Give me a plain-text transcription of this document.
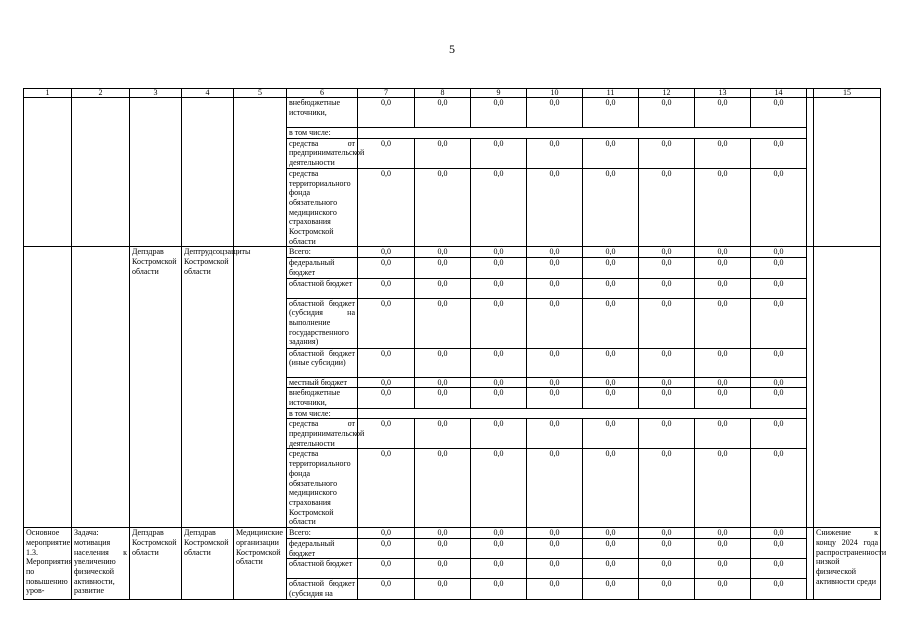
5
1	2	3	4	5	6	7	8	9	10	11	12	13	14		15
					внебюджетные источники,	0,0	0,0	0,0	0,0	0,0	0,0	0,0	0,0		
					в том числе:										
					средства от предпринимательской деятельности	0,0	0,0	0,0	0,0	0,0	0,0	0,0	0,0		
					средства территориального фонда обязательного медицинского страхования Костромской области	0,0	0,0	0,0	0,0	0,0	0,0	0,0	0,0		
		Депздрав Костромской области	Дептрудсоцзащиты Костромской области		Всего:	0,0	0,0	0,0	0,0	0,0	0,0	0,0	0,0		
					федеральный бюджет	0,0	0,0	0,0	0,0	0,0	0,0	0,0	0,0		
					областной бюджет	0,0	0,0	0,0	0,0	0,0	0,0	0,0	0,0		
					областной бюджет (субсидия на выполнение государственного задания)	0,0	0,0	0,0	0,0	0,0	0,0	0,0	0,0		
					областной бюджет (иные субсидии)	0,0	0,0	0,0	0,0	0,0	0,0	0,0	0,0		
					местный бюджет	0,0	0,0	0,0	0,0	0,0	0,0	0,0	0,0		
					внебюджетные источники,	0,0	0,0	0,0	0,0	0,0	0,0	0,0	0,0		
					в том числе:										
					средства от предпринимательской деятельности	0,0	0,0	0,0	0,0	0,0	0,0	0,0	0,0		
					средства территориального фонда обязательного медицинского страхования Костромской области	0,0	0,0	0,0	0,0	0,0	0,0	0,0	0,0		
Основное мероприятие 1.3. Мероприятия по повышению уров-	Задача: мотивация населения к увеличению физической активности, развитие	Депздрав Костромской области	Депздрав Костромской области	Медицинские организации Костромской области	Всего:	0,0	0,0	0,0	0,0	0,0	0,0	0,0	0,0		Снижение к концу 2024 года распространенности низкой физической активности среди
					федеральный бюджет	0,0	0,0	0,0	0,0	0,0	0,0	0,0	0,0		
					областной бюджет	0,0	0,0	0,0	0,0	0,0	0,0	0,0	0,0		
					областной бюджет (субсидия на	0,0	0,0	0,0	0,0	0,0	0,0	0,0	0,0		
